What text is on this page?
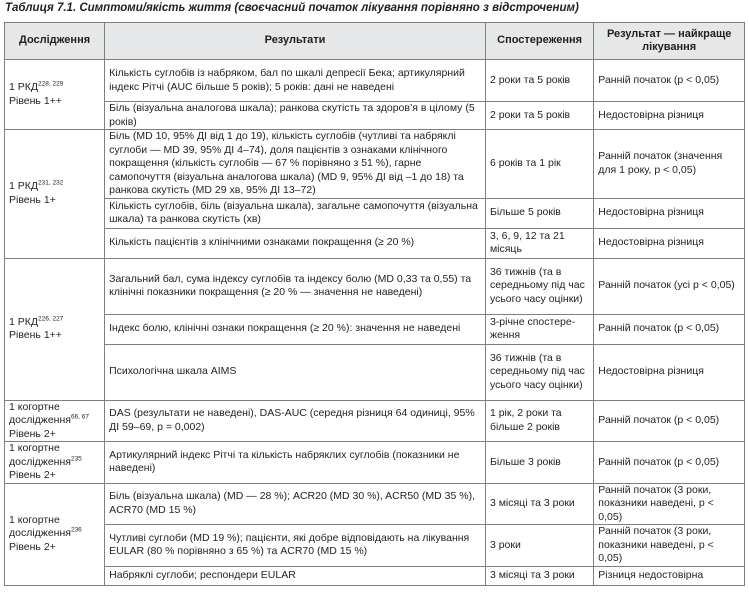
Таблиця 7.1. Симптоми/якість життя (своєчасний початок лікування порівняно з відстроченим)
Дослідження	Результати	Спостереження	Результат — найкраще лікування
1 РКД$^{228, 229}$
Рівень 1++	Кількість суглобів із набряком, бал по шкалі депресії Бека; артикулярний індекс Рітчі (AUC більше 5 років); 5 років: дані не наведені	2 роки та 5 років	Ранній початок (р < 0,05)
	Біль (візуальна аналогова шкала); ранкова скутість та здоров’я в цілому (5 років)	2 роки та 5 років	Недостовірна різниця
1 РКД$^{231, 232}$
Рівень 1+	Біль (MD 10, 95% ДІ від 1 до 19), кількість суглобів (чутливі та набряклі суглоби — MD 39, 95% ДІ 4–74), доля пацієнтів з ознаками клінічного покращення (кількість суглобів — 67 % порівняно з 51 %), гарне самопочуття (візуальна аналогова шкала) (MD 9, 95% ДІ від –1 до 18) та ранкова скутість (MD 29 хв, 95% ДІ 13–72)	6 років та 1 рік	Ранній початок (значення для 1 року, р < 0,05)
	Кількість суглобів, біль (візуальна шкала), загальне самопочуття (візуальна шкала) та ранкова скутість (хв)	Більше 5 років	Недостовірна різниця
	Кількість пацієнтів з клінічними ознаками покращення (≥ 20 %)	3, 6, 9, 12 та 21 місяць	Недостовірна різниця
1 РКД$^{226, 227}$
Рівень 1++	Загальний бал, сума індексу суглобів та індексу болю (MD 0,33 та 0,55) та клінічні показники покращення (≥ 20 % — значення не наведені)	36 тижнів (та в середньому під час усього часу оцінки)	Ранній початок (усі р < 0,05)
	Індекс болю, клінічні ознаки покращення (≥ 20 %): значення не наведені	3-річне спостереження	Ранній початок (р < 0,05)
	Психологічна шкала AIMS	36 тижнів (та в середньому під час усього часу оцінки)	Недостовірна різниця
1 когортне дослідження$^{66, 67}$
Рівень 2+	DAS (результати не наведені), DAS-AUC (середня різниця 64 одиниці, 95% ДІ 59–69, р = 0,002)	1 рік, 2 роки та більше 2 років	Ранній початок (р < 0,05)
1 когортне дослідження$^{235}$
Рівень 2+	Артикулярний індекс Рітчі та кількість набряклих суглобів (показники не наведені)	Більше 3 років	Ранній початок (р < 0,05)
1 когортне дослідження$^{236}$
Рівень 2+	Біль (візуальна шкала) (MD — 28 %); ACR20 (MD 30 %), ACR50 (MD 35 %), ACR70 (MD 15 %)	3 місяці та 3 роки	Ранній початок (3 роки, показники наведені, р < 0,05)
	Чутливі суглоби (MD 19 %); пацієнти, які добре відповідають на лікування EULAR (80 % порівняно з 65 %) та ACR70 (MD 15 %)	3 роки	Ранній початок (3 роки, показники наведені, р < 0,05)
	Набряклі суглоби; респондери EULAR	3 місяці та 3 роки	Різниця недостовірна
